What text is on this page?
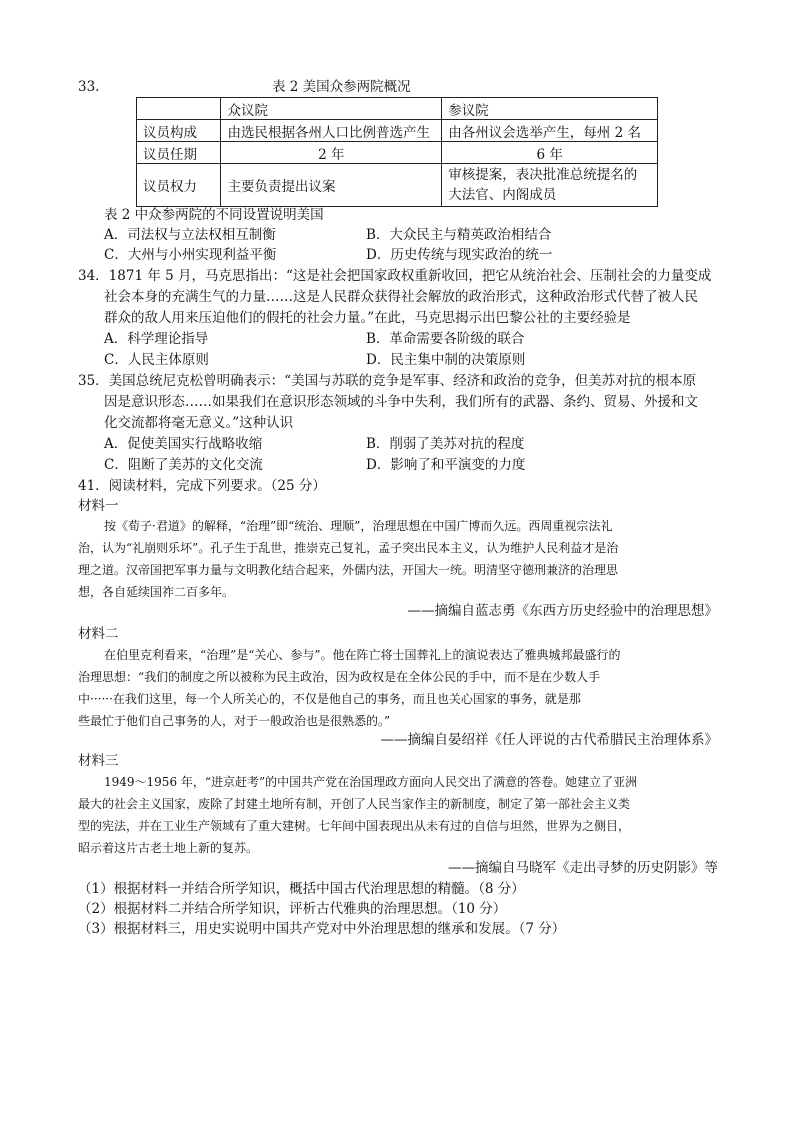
33.	表 2 美国众参两院概况
	众议院	参议院
议员构成	由选民根据各州人口比例普选产生	由各州议会选举产生，每州 2 名
议员任期	2 年	6 年
议员权力	主要负责提出议案	审核提案，表决批准总统提名的
大法官、内阁成员
表 2 中众参两院的不同设置说明美国
A．司法权与立法权相互制衡	B．大众民主与精英政治相结合
C．大州与小州实现利益平衡	D．历史传统与现实政治的统一
34．1871 年 5 月，马克思指出：“这是社会把国家政权重新收回，把它从统治社会、压制社会的力量变成
社会本身的充满生气的力量……这是人民群众获得社会解放的政治形式，这种政治形式代替了被人民
群众的敌人用来压迫他们的假托的社会力量。”在此，马克思揭示出巴黎公社的主要经验是
A．科学理论指导	B．革命需要各阶级的联合
C．人民主体原则	D．民主集中制的决策原则
35．美国总统尼克松曾明确表示：“美国与苏联的竞争是军事、经济和政治的竞争，但美苏对抗的根本原
因是意识形态……如果我们在意识形态领域的斗争中失利，我们所有的武器、条约、贸易、外援和文
化交流都将毫无意义。”这种认识
A．促使美国实行战略收缩	B．削弱了美苏对抗的程度
C．阻断了美苏的文化交流	D．影响了和平演变的力度
41．阅读材料，完成下列要求。（25 分）
材料一
按《荀子·君道》的解释，“治理”即“统治、理顺”，治理思想在中国广博而久远。西周重视宗法礼
治，认为“礼崩则乐坏”。孔子生于乱世，推崇克己复礼，孟子突出民本主义，认为维护人民利益才是治
理之道。汉帝国把军事力量与文明教化结合起来，外儒内法，开国大一统。明清坚守德刑兼济的治理思
想，各自延续国祚二百多年。
——摘编自蓝志勇《东西方历史经验中的治理思想》
材料二
在伯里克利看来，“治理”是“关心、参与”。他在阵亡将士国葬礼上的演说表达了雅典城邦最盛行的
治理思想：“我们的制度之所以被称为民主政治，因为政权是在全体公民的手中，而不是在少数人手
中······在我们这里，每一个人所关心的，不仅是他自己的事务，而且也关心国家的事务，就是那
些最忙于他们自己事务的人，对于一般政治也是很熟悉的。”
——摘编自晏绍祥《任人评说的古代希腊民主治理体系》
材料三
1949～1956 年，“进京赶考”的中国共产党在治国理政方面向人民交出了满意的答卷。她建立了亚洲
最大的社会主义国家，废除了封建土地所有制，开创了人民当家作主的新制度，制定了第一部社会主义类
型的宪法，并在工业生产领域有了重大建树。七年间中国表现出从未有过的自信与坦然，世界为之侧目，
昭示着这片古老土地上新的复苏。
——摘编自马晓军《走出寻梦的历史阴影》等
（1）根据材料一并结合所学知识，概括中国古代治理思想的精髓。（8 分）
（2）根据材料二并结合所学知识，评析古代雅典的治理思想。（10 分）
（3）根据材料三，用史实说明中国共产党对中外治理思想的继承和发展。（7 分）
